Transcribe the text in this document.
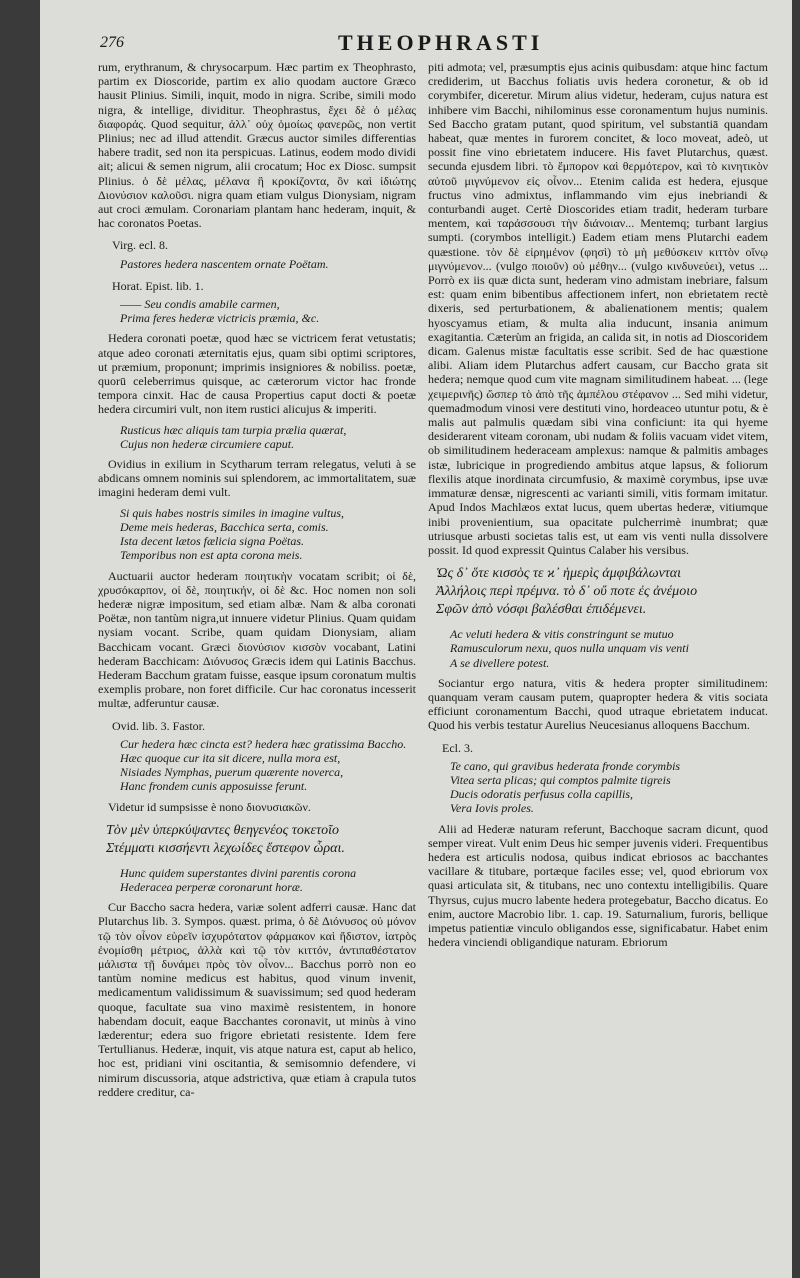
276	THEOPHRASTI

rum, erythranum, & chrysocarpum. Hæc partim ex Theophrasto, partim ex Dioscoride, partim ex alio quodam auctore Græco hausit Plinius. Simili, inquit, modo in nigra. Scribe, simili modo nigra, & intellige, dividitur. Theophrastus, ἔχει δὲ ὁ μέλας διαφοράς. Quod sequitur, ἀλλ᾽ οὐχ ὁμοίως φανερῶς, non vertit Plinius; nec ad illud attendit. Græcus auctor similes differentias habere tradit, sed non ita perspicuas. Latinus, eodem modo dividi ait; alicui & semen nigrum, alii crocatum; Hoc ex Diosc. sumpsit Plinius. ὁ δὲ μέλας, μέλανα ἢ κροκίζοντα, ὃν καὶ ἰδιώτης Διονύσιον καλοῦσι. nigra quam etiam vulgus Dionysiam, nigram aut croci æmulam. Coronariam plantam hanc hederam, inquit, & hac coronatos Poetas.

Virg. ecl. 8.
Pastores hedera nascentem ornate Poëtam.
Horat. Epist. lib. 1.
—— Seu condis amabile carmen,
Prima feres hederæ victricis præmia, &c.

Hedera coronati poetæ, quod hæc se victricem ferat vetustatis; atque adeo coronati æternitatis ejus, quam sibi optimi scriptores, ut præmium, proponunt; imprimis insigniores & nobiliss. poetæ, quorū celeberrimus quisque, ac cæterorum victor hac fronde tempora cinxit. Hac de causa Propertius caput docti & poetæ hedera circumiri vult, non item rustici alicujus & imperiti.

Rusticus hæc aliquis tam turpia prælia quærat,
Cujus non hederæ circumiere caput.

Ovidius in exilium in Scytharum terram relegatus, veluti à se abdicans omnem nominis sui splendorem, ac immortalitatem, suæ imagini hederam demi vult.

Si quis habes nostris similes in imagine vultus,
Deme meis hederas, Bacchica serta, comis.
Ista decent lætos fælicia signa Poëtas.
Temporibus non est apta corona meis.

Auctuarii auctor hederam ποιητικὴν vocatam scribit; οἱ δὲ, χρυσόκαρπον, οἱ δὲ, ποιητικήν, οἱ δὲ &c. Hoc nomen non soli hederæ nigræ impositum, sed etiam albæ. Nam & alba coronati Poëtæ, non tantùm nigra,ut innuere videtur Plinius. Quam quidam nysiam vocant. Scribe, quam quidam Dionysiam, aliam Bacchicam vocant. Græci διονύσιον κισσὸν vocabant, Latini hederam Bacchicam: Διόνυσος Græcis idem qui Latinis Bacchus. Hederam Bacchum gratam fuisse, easque ipsum coronatum multis exemplis probare, non foret difficile. Cur hac coronatus incesserit multæ, adferuntur causæ.

Ovid. lib. 3. Fastor.
Cur hedera hæc cincta est? hedera hæc gratissima Baccho.
Hæc quoque cur ita sit dicere, nulla mora est,
Nisiades Nymphas, puerum quærente noverca,
Hanc frondem cunis apposuisse ferunt.

Videtur id sumpsisse è nono διονυσιακῶν.

Τὸν μὲν ὑπερκύψαντες θεηγενέος τοκετοῖο
Στέμματι κισσήεντι λεχωίδες ἔστεφον ὧραι.
Hunc quidem superstantes divini parentis corona
Hederacea perperæ coronarunt horæ.

Cur Baccho sacra hedera, variæ solent adferri causæ. Hanc dat Plutarchus lib. 3. Sympos. quæst. prima, ὁ δὲ Διόνυσος οὐ μόνον τῷ τὸν οἶνον εὑρεῖν ἰσχυρότατον φάρμακον καὶ ἥδιστον, ἰατρὸς ἐνομίσθη μέτριος, ἀλλὰ καὶ τῷ τὸν κιττόν, ἀντιπαθέστατον μάλιστα τῇ δυνάμει πρὸς τὸν οἶνον... Bacchus porrò non eo tantùm nomine medicus est habitus, quod vinum invenit, medicamentum validissimum & suavissimum; sed quod hederam quoque, facultate sua vino maximè resistentem, in honore habendam docuit, eaque Bacchantes coronavit, ut minùs à vino læderentur; edera suo frigore ebrietati resistente. Idem fere Tertullianus. Hederæ, inquit, vis atque natura est, caput ab helico, hoc est, pridiani vini oscitantia, & semisomnio defendere, vi nimirum discussoria, atque adstrictiva, quæ etiam à crapula tutos reddere creditur, ca-

piti admota; vel, præsumptis ejus acinis quibusdam: atque hinc factum crediderim, ut Bacchus foliatis uvis hedera coronetur, & ob id corymbifer, diceretur. Mirum alius videtur, hederam, cujus natura est inhibere vim Bacchi, nihilominus esse coronamentum hujus numinis. Sed Baccho gratam putant, quod spiritum, vel substantiā quandam habeat, quæ mentes in furorem concitet, & loco moveat, adeò, ut possit fine vino ebrietatem inducere. His favet Plutarchus, quæst. secunda ejusdem libri. τὸ ἔμπορον καὶ θερμότερον, καὶ τὸ κινητικὸν αὐτοῦ μιγνύμενον εἰς οἶνον... Etenim calida est hedera, ejusque fructus vino admixtus, inflammando vim ejus inebriandi & conturbandi auget. Certè Dioscorides etiam tradit, hederam turbare mentem, καὶ ταράσσουσι τὴν διάνοιαν... Mentemq; turbant largius sumpti. (corymbos intelligit.) Eadem etiam mens Plutarchi eadem quæstione. τὸν δὲ εἰρημένον (φησὶ) τὸ μὴ μεθύσκειν κιττὸν οἴνῳ μιγνύμενον... (vulgo ποιοῦν) οὐ μέθην... (vulgo κινδυνεύει), vetus ... Porrò ex iis quæ dicta sunt, hederam vino admistam inebriare, falsum est: quam enim bibentibus affectionem infert, non ebrietatem rectè dixeris, sed perturbationem, & abalienationem mentis; qualem hyoscyamus etiam, & multa alia inducunt, insania animum exagitantia. Cæterùm an frigida, an calida sit, in notis ad Dioscoridem dicam. Galenus mistæ facultatis esse scribit. Sed de hac quæstione alibi. Aliam idem Plutarchus adfert causam, cur Baccho grata sit hedera; nemque quod cum vite magnam similitudinem habeat. ... (lege χειμερινῆς) ὥσπερ τὸ ἀπὸ τῆς ἀμπέλου στέφανον ... Sed mihi videtur, quemadmodum vinosi vere destituti vino, hordeaceo utuntur potu, & è malis aut palmulis quædam sibi vina conficiunt: ita qui hyeme desiderarent viteam coronam, ubi nudam & foliis vacuam videt vitem, ob similitudinem hederaceam amplexus: namque & palmitis ambages istæ, lubricique in progrediendo ambitus atque lapsus, & foliorum flexilis atque inordinata circumfusio, & maximè corymbus, ipse uvæ immaturæ densæ, nigrescenti ac varianti simili, vitis formam imitatur. Apud Indos Machlæos extat lucus, quem ubertas hederæ, vitiumque inibi provenientium, sua opacitate pulcherrimè inumbrat; quæ utriusque arbusti societas talis est, ut eam vis venti nulla dissolvere possit. Id quod expressit Quintus Calaber his versibus.

Ὡς δ᾽ ὅτε κισσὸς τε ϰ᾽ ἡμερὶς ἀμφιβάλωνται
Ἀλλήλοις περὶ πρέμνα. τὸ δ᾽ οὔ ποτε ἐς ἀνέμοιο
Σφῶν ἀπὸ νόσφι βαλέσθαι ἐπιδέμενει.
Ac veluti hedera & vitis constringunt se mutuo
Ramusculorum nexu, quos nulla unquam vis venti
A se divellere potest.

Sociantur ergo natura, vitis & hedera propter similitudinem: quanquam veram causam putem, quapropter hedera & vitis sociata efficiunt coronamentum Bacchi, quod utraque ebrietatem inducat. Quod his verbis testatur Aurelius Neucesianus alloquens Bacchum.

Ecl. 3.
Te cano, qui gravibus hederata fronde corymbis
Vitea serta plicas; qui comptos palmite tigreis
Ducis odoratis perfusus colla capillis,
Vera Iovis proles.

Alii ad Hederæ naturam referunt, Bacchoque sacram dicunt, quod semper vireat. Vult enim Deus hic semper juvenis videri. Frequentibus hedera est articulis nodosa, quibus indicat ebriosos ac bacchantes vacillare & titubare, portæque faciles esse; vel, quod ebriorum vox quasi articulata sit, & titubans, nec uno contextu intelligibilis. Quare Thyrsus, cujus mucro labente hedera protegebatur, Baccho dicatus. Eo enim, auctore Macrobio libr. 1. cap. 19. Saturnalium, furoris, bellique impetus patientiæ vinculo obligandos esse, significabatur. Habet enim hedera vinciendi obligandique naturam. Ebriorum
